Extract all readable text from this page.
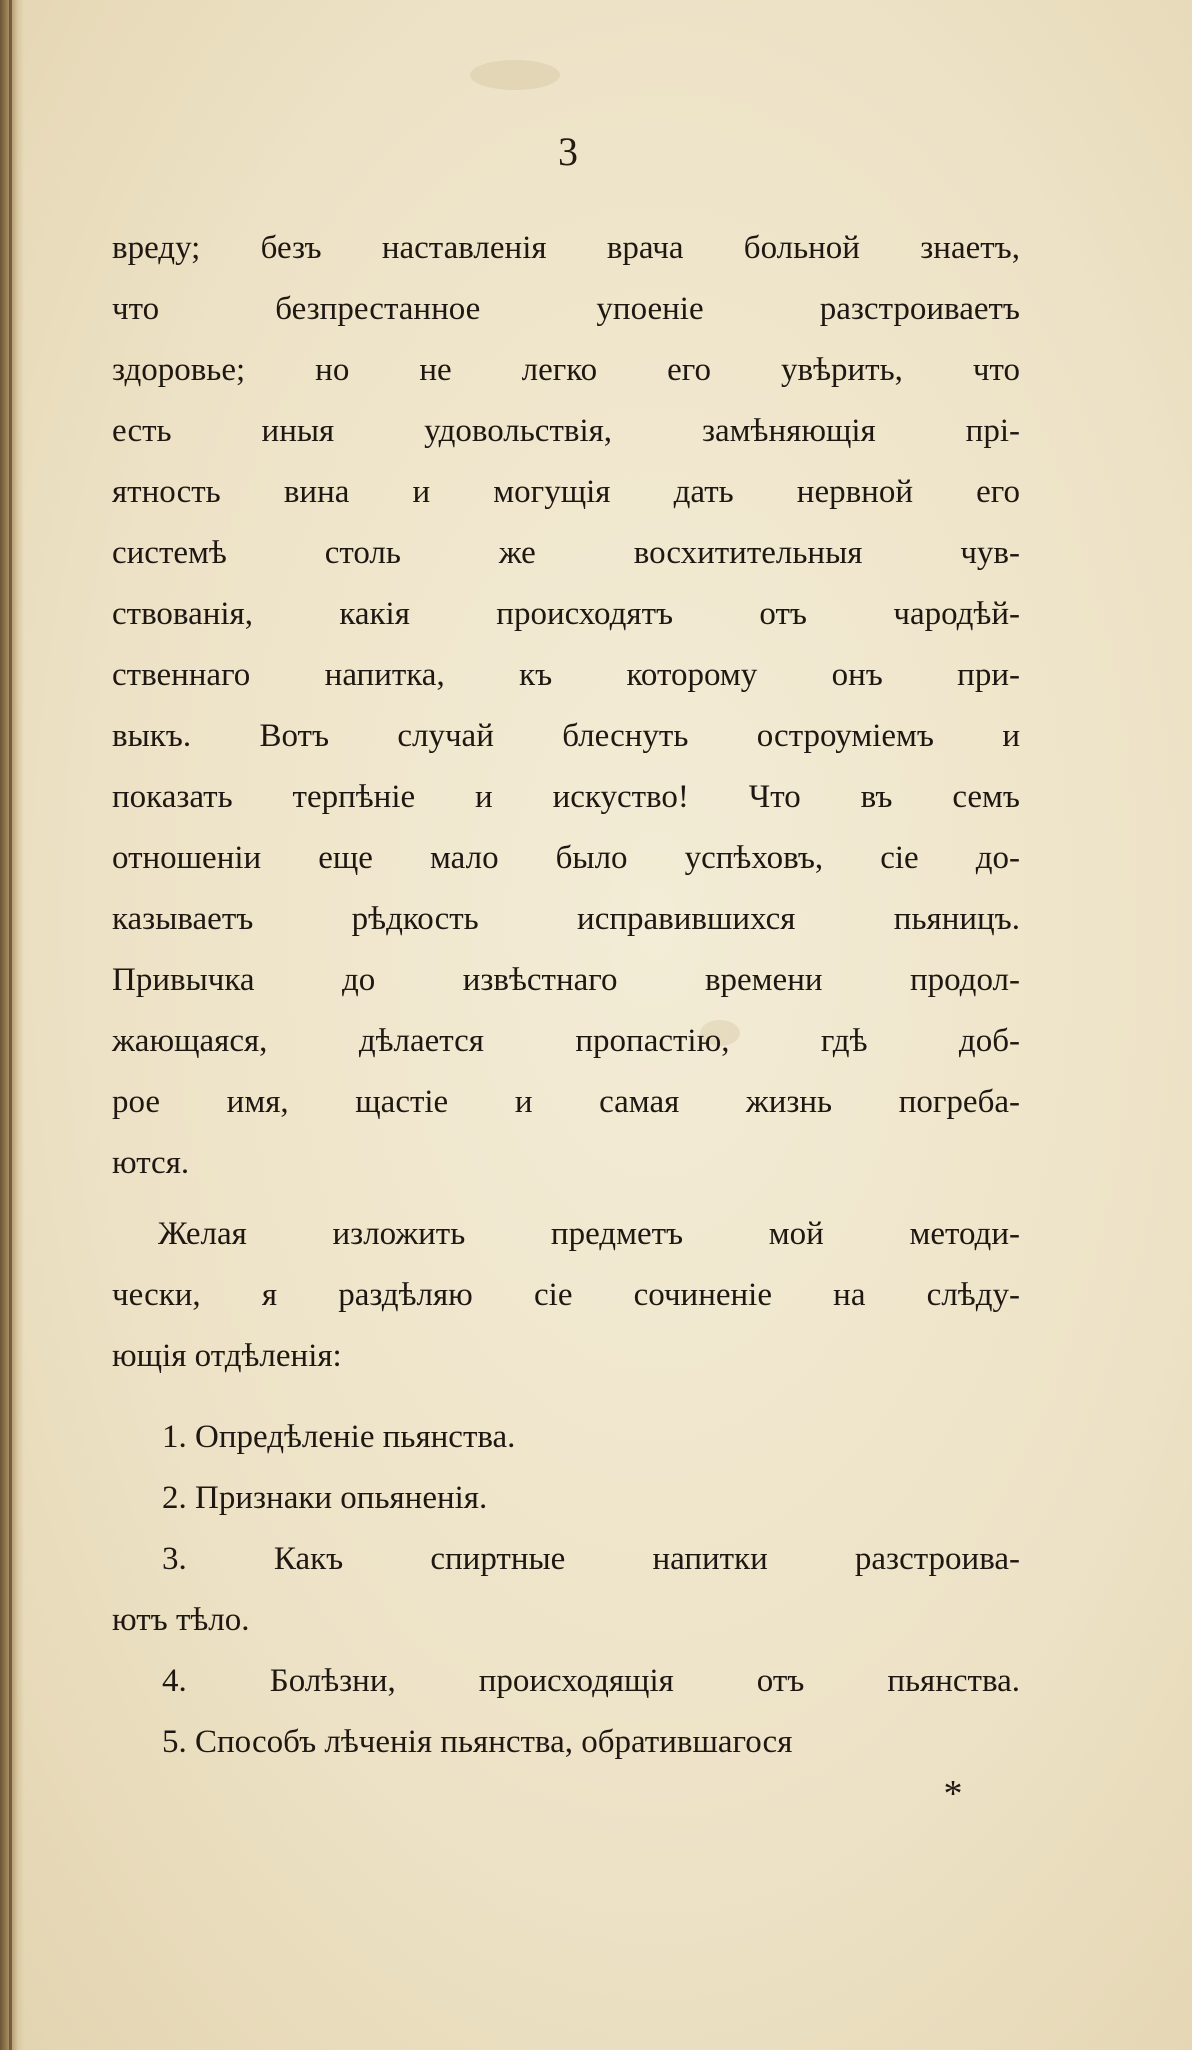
3
вреду; безъ наставленія врача больной знаетъ,
что безпрестанное упоеніе разстроиваетъ
здоровье; но не легко его увѣрить, что
есть иныя удовольствія, замѣняющія прі-
ятность вина и могущія дать нервной его
системѣ столь же восхитительныя чув-
ствованія, какія происходятъ отъ чародѣй-
ственнаго напитка, къ которому онъ при-
выкъ. Вотъ случай блеснуть остроуміемъ и
показать терпѣніе и искуство! Что въ семъ
отношеніи еще мало было успѣховъ, сіе до-
казываетъ рѣдкость исправившихся пьяницъ.
Привычка до извѣстнаго времени продол-
жающаяся, дѣлается пропастію, гдѣ доб-
рое имя, щастіе и самая жизнь погреба-
ются.
Желая изложить предметъ мой методи-
чески, я раздѣляю сіе сочиненіе на слѣду-
ющія отдѣленія:
1. Опредѣленіе пьянства.
2. Признаки опьяненія.
3. Какъ спиртные напитки разстроива-
ютъ тѣло.
4. Болѣзни, происходящія отъ пьянства.
5. Способъ лѣченія пьянства, обратившагося
*
